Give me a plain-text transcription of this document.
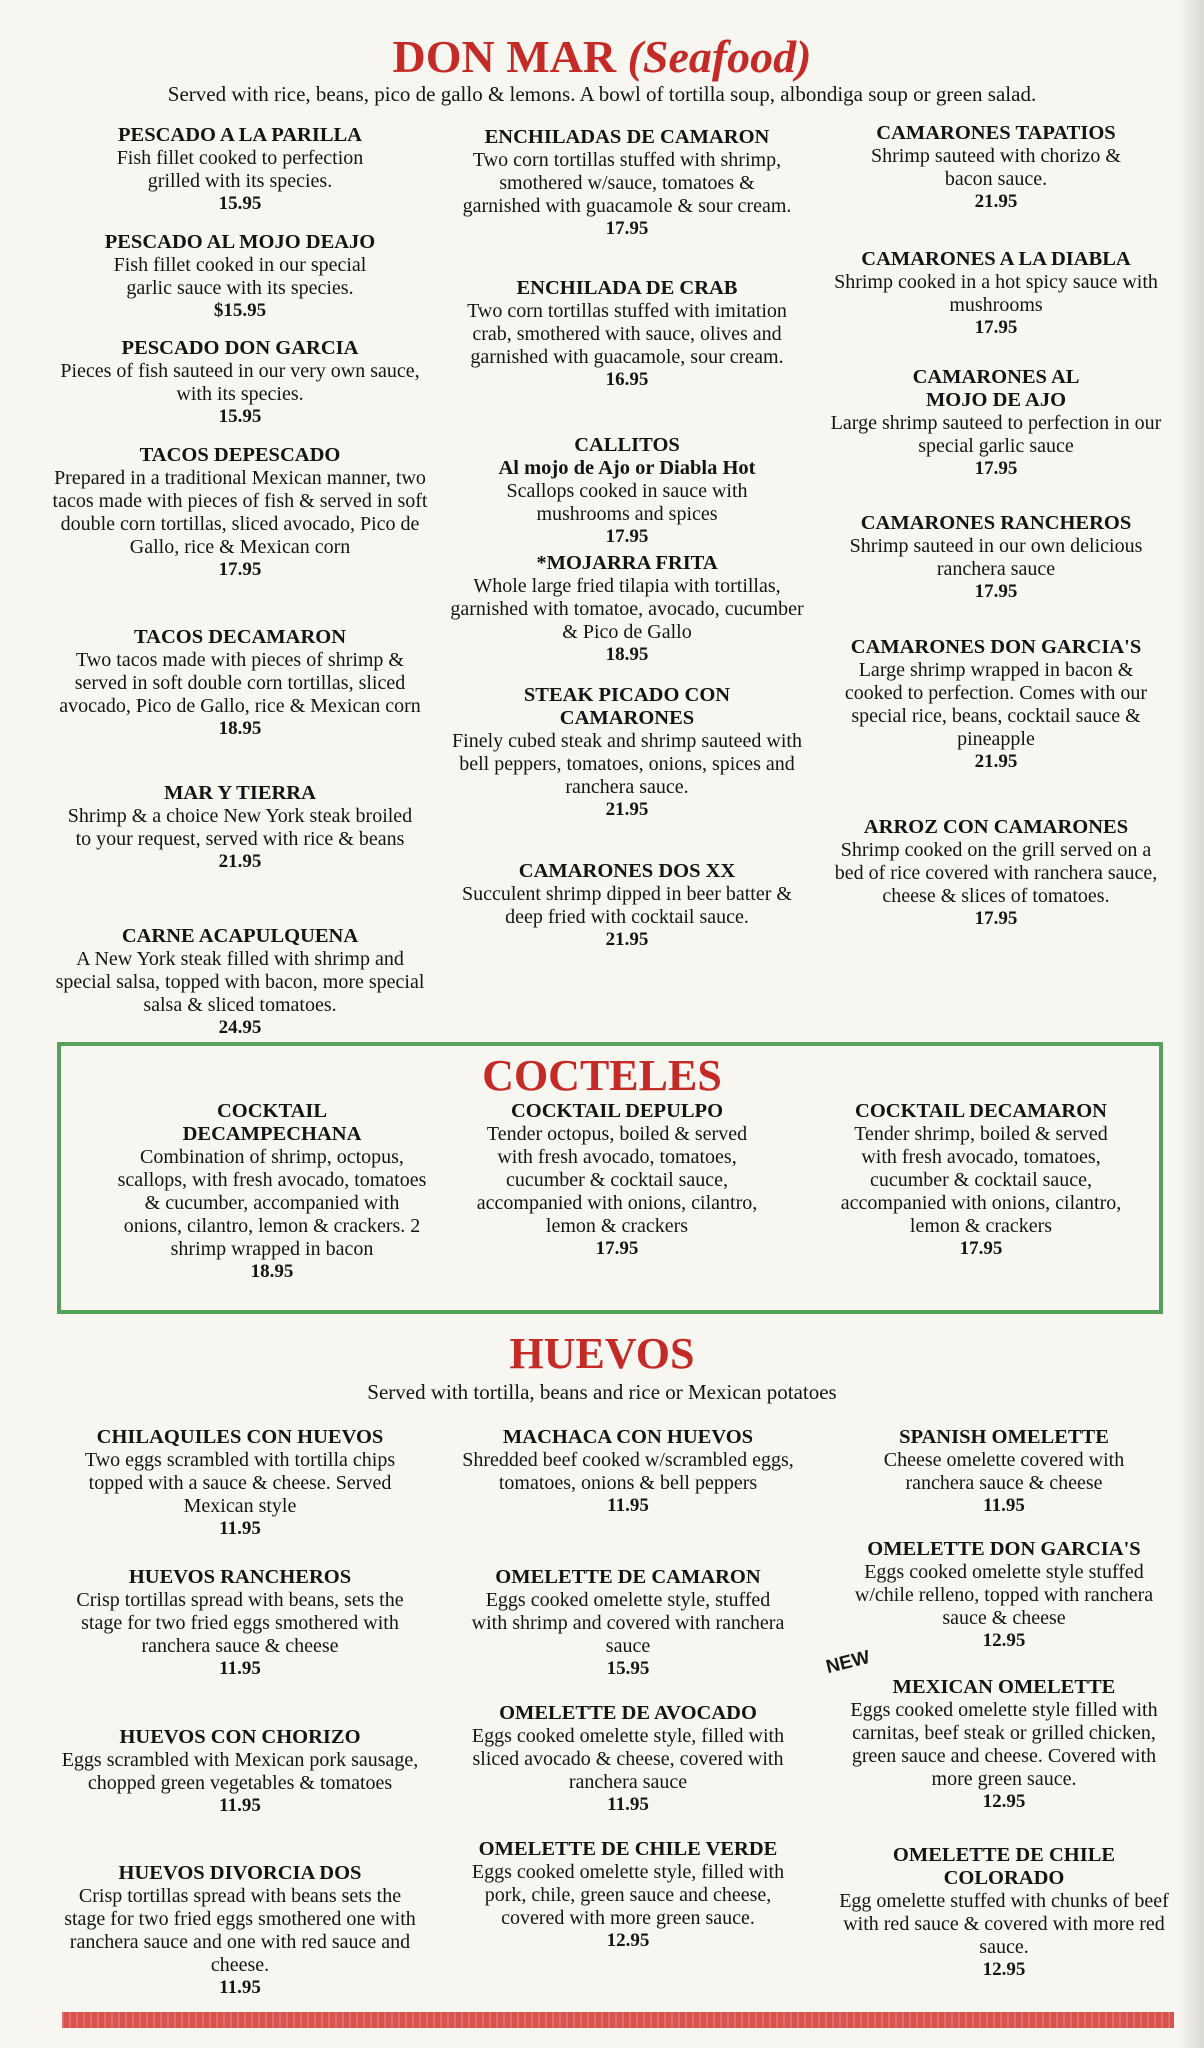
DON MAR (Seafood)

Served with rice, beans, pico de gallo & lemons. A bowl of tortilla soup, albondiga soup or green salad.

PESCADO A LA PARILLA
Fish fillet cooked to perfection grilled with its species.
15.95
PESCADO AL MOJO DEAJO
Fish fillet cooked in our special garlic sauce with its species.
$15.95
PESCADO DON GARCIA
Pieces of fish sauteed in our very own sauce, with its species.
15.95
TACOS DEPESCADO
Prepared in a traditional Mexican manner, two tacos made with pieces of fish & served in soft double corn tortillas, sliced avocado, Pico de Gallo, rice & Mexican corn
17.95
TACOS DECAMARON
Two tacos made with pieces of shrimp & served in soft double corn tortillas, sliced avocado, Pico de Gallo, rice & Mexican corn
18.95
MAR Y TIERRA
Shrimp & a choice New York steak broiled to your request, served with rice & beans
21.95
CARNE ACAPULQUENA
A New York steak filled with shrimp and special salsa, topped with bacon, more special salsa & sliced tomatoes.
24.95
ENCHILADAS DE CAMARON
Two corn tortillas stuffed with shrimp, smothered w/sauce, tomatoes & garnished with guacamole & sour cream.
17.95
ENCHILADA DE CRAB
Two corn tortillas stuffed with imitation crab, smothered with sauce, olives and garnished with guacamole, sour cream.
16.95
CALLITOS
Al mojo de Ajo or Diabla Hot
Scallops cooked in sauce with mushrooms and spices
17.95
*MOJARRA FRITA
Whole large fried tilapia with tortillas, garnished with tomatoe, avocado, cucumber & Pico de Gallo
18.95
STEAK PICADO CON CAMARONES
Finely cubed steak and shrimp sauteed with bell peppers, tomatoes, onions, spices and ranchera sauce.
21.95
CAMARONES DOS XX
Succulent shrimp dipped in beer batter & deep fried with cocktail sauce.
21.95
CAMARONES TAPATIOS
Shrimp sauteed with chorizo & bacon sauce.
21.95
CAMARONES A LA DIABLA
Shrimp cooked in a hot spicy sauce with mushrooms
17.95
CAMARONES AL MOJO DE AJO
Large shrimp sauteed to perfection in our special garlic sauce
17.95
CAMARONES RANCHEROS
Shrimp sauteed in our own delicious ranchera sauce
17.95
CAMARONES DON GARCIA'S
Large shrimp wrapped in bacon & cooked to perfection. Comes with our special rice, beans, cocktail sauce & pineapple
21.95
ARROZ CON CAMARONES
Shrimp cooked on the grill served on a bed of rice covered with ranchera sauce, cheese & slices of tomatoes.
17.95
COCTELES
COCKTAIL DECAMPECHANA
Combination of shrimp, octopus, scallops, with fresh avocado, tomatoes & cucumber, accompanied with onions, cilantro, lemon & crackers. 2 shrimp wrapped in bacon
18.95
COCKTAIL DEPULPO
Tender octopus, boiled & served with fresh avocado, tomatoes, cucumber & cocktail sauce, accompanied with onions, cilantro, lemon & crackers
17.95
COCKTAIL DECAMARON
Tender shrimp, boiled & served with fresh avocado, tomatoes, cucumber & cocktail sauce, accompanied with onions, cilantro, lemon & crackers
17.95
HUEVOS

Served with tortilla, beans and rice or Mexican potatoes

CHILAQUILES CON HUEVOS
Two eggs scrambled with tortilla chips topped with a sauce & cheese. Served Mexican style
11.95
HUEVOS RANCHEROS
Crisp tortillas spread with beans, sets the stage for two fried eggs smothered with ranchera sauce & cheese
11.95
HUEVOS CON CHORIZO
Eggs scrambled with Mexican pork sausage, chopped green vegetables & tomatoes
11.95
HUEVOS DIVORCIA DOS
Crisp tortillas spread with beans sets the stage for two fried eggs smothered one with ranchera sauce and one with red sauce and cheese.
11.95
MACHACA CON HUEVOS
Shredded beef cooked w/scrambled eggs, tomatoes, onions & bell peppers
11.95
OMELETTE DE CAMARON
Eggs cooked omelette style, stuffed with shrimp and covered with ranchera sauce
15.95
OMELETTE DE AVOCADO
Eggs cooked omelette style, filled with sliced avocado & cheese, covered with ranchera sauce
11.95
OMELETTE DE CHILE VERDE
Eggs cooked omelette style, filled with pork, chile, green sauce and cheese, covered with more green sauce.
12.95
SPANISH OMELETTE
Cheese omelette covered with ranchera sauce & cheese
11.95
OMELETTE DON GARCIA'S
Eggs cooked omelette style stuffed w/chile relleno, topped with ranchera sauce & cheese
12.95
MEXICAN OMELETTE
Eggs cooked omelette style filled with carnitas, beef steak or grilled chicken, green sauce and cheese. Covered with more green sauce.
12.95
OMELETTE DE CHILE COLORADO
Egg omelette stuffed with chunks of beef with red sauce & covered with more red sauce.
12.95
NEW
